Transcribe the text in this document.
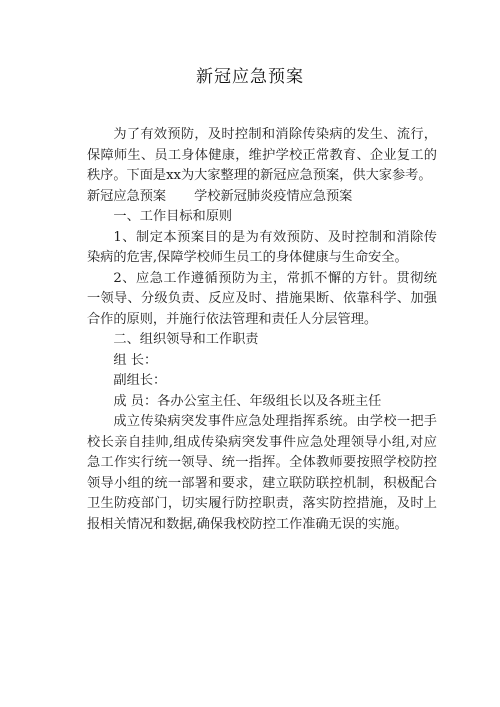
新冠应急预案

为了有效预防，及时控制和消除传染病的发生、流行，保障师生、员工身体健康，维护学校正常教育、企业复工的秩序。下面是xx为大家整理的新冠应急预案，供大家参考。

新冠应急预案 学校新冠肺炎疫情应急预案

一、工作目标和原则

1、制定本预案目的是为有效预防、及时控制和消除传染病的危害,保障学校师生员工的身体健康与生命安全。

2、应急工作遵循预防为主，常抓不懈的方针。贯彻统一领导、分级负责、反应及时、措施果断、依靠科学、加强合作的原则，并施行依法管理和责任人分层管理。

二、组织领导和工作职责

组 长：

副组长：

成 员：各办公室主任、年级组长以及各班主任

成立传染病突发事件应急处理指挥系统。由学校一把手校长亲自挂帅,组成传染病突发事件应急处理领导小组,对应急工作实行统一领导、统一指挥。全体教师要按照学校防控领导小组的统一部署和要求，建立联防联控机制，积极配合卫生防疫部门，切实履行防控职责，落实防控措施，及时上报相关情况和数据,确保我校防控工作准确无误的实施。
